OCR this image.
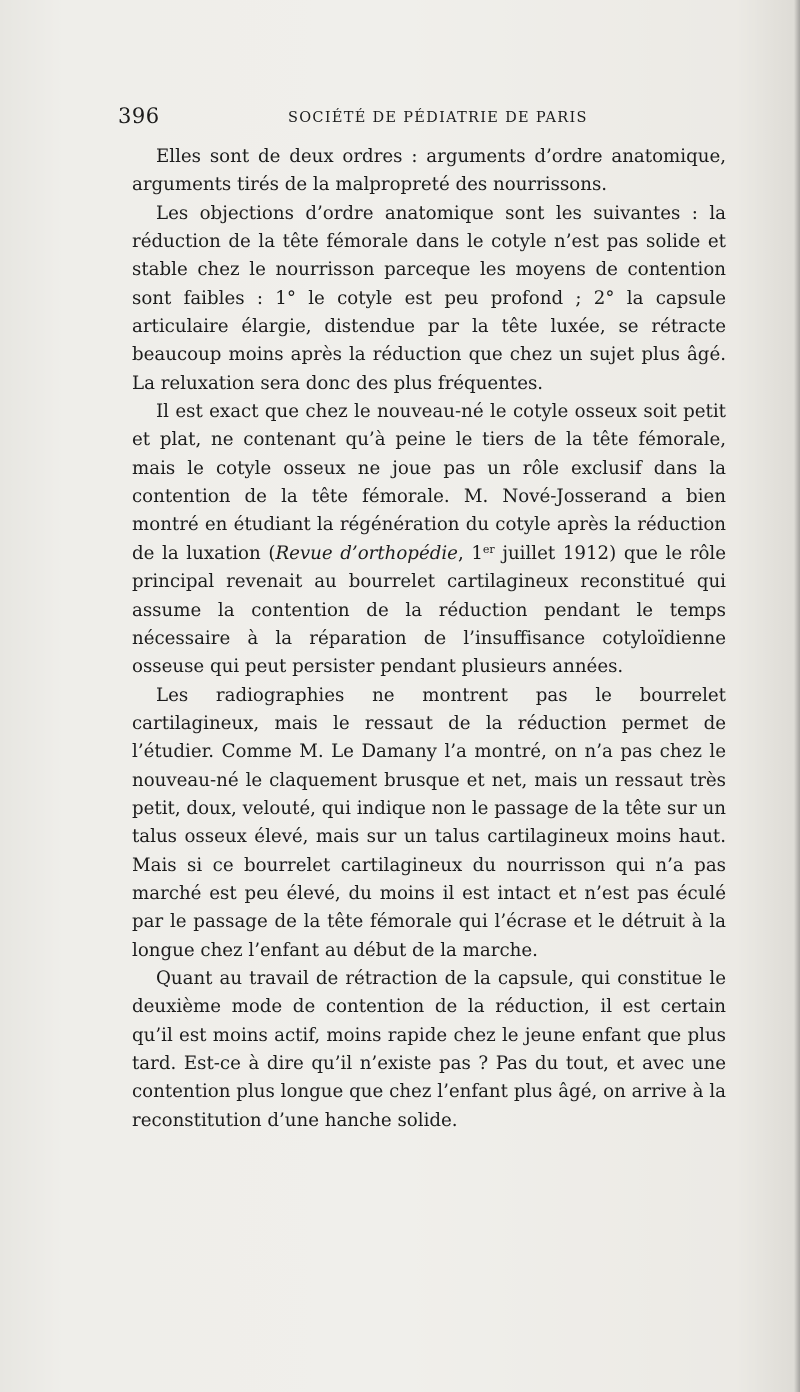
396	SOCIÉTÉ DE PÉDIATRIE DE PARIS

Elles sont de deux ordres : arguments d’ordre anatomique, arguments tirés de la malpropreté des nourrissons.

Les objections d’ordre anatomique sont les suivantes : la réduction de la tête fémorale dans le cotyle n’est pas solide et stable chez le nourrisson parceque les moyens de contention sont faibles : 1° le cotyle est peu profond ; 2° la capsule articulaire élargie, distendue par la tête luxée, se rétracte beaucoup moins après la réduction que chez un sujet plus âgé. La reluxation sera donc des plus fréquentes.

Il est exact que chez le nouveau-né le cotyle osseux soit petit et plat, ne contenant qu’à peine le tiers de la tête fémorale, mais le cotyle osseux ne joue pas un rôle exclusif dans la contention de la tête fémorale. M. Nové-Josserand a bien montré en étudiant la régénération du cotyle après la réduction de la luxation (Revue d’orthopédie, 1er juillet 1912) que le rôle principal revenait au bourrelet cartilagineux reconstitué qui assume la contention de la réduction pendant le temps nécessaire à la réparation de l’insuffisance cotyloïdienne osseuse qui peut persister pendant plusieurs années.

Les radiographies ne montrent pas le bourrelet cartilagineux, mais le ressaut de la réduction permet de l’étudier. Comme M. Le Damany l’a montré, on n’a pas chez le nouveau-né le claquement brusque et net, mais un ressaut très petit, doux, velouté, qui indique non le passage de la tête sur un talus osseux élevé, mais sur un talus cartilagineux moins haut. Mais si ce bourrelet cartilagineux du nourrisson qui n’a pas marché est peu élevé, du moins il est intact et n’est pas éculé par le passage de la tête fémorale qui l’écrase et le détruit à la longue chez l’enfant au début de la marche.

Quant au travail de rétraction de la capsule, qui constitue le deuxième mode de contention de la réduction, il est certain qu’il est moins actif, moins rapide chez le jeune enfant que plus tard. Est-ce à dire qu’il n’existe pas ? Pas du tout, et avec une contention plus longue que chez l’enfant plus âgé, on arrive à la reconstitution d’une hanche solide.
